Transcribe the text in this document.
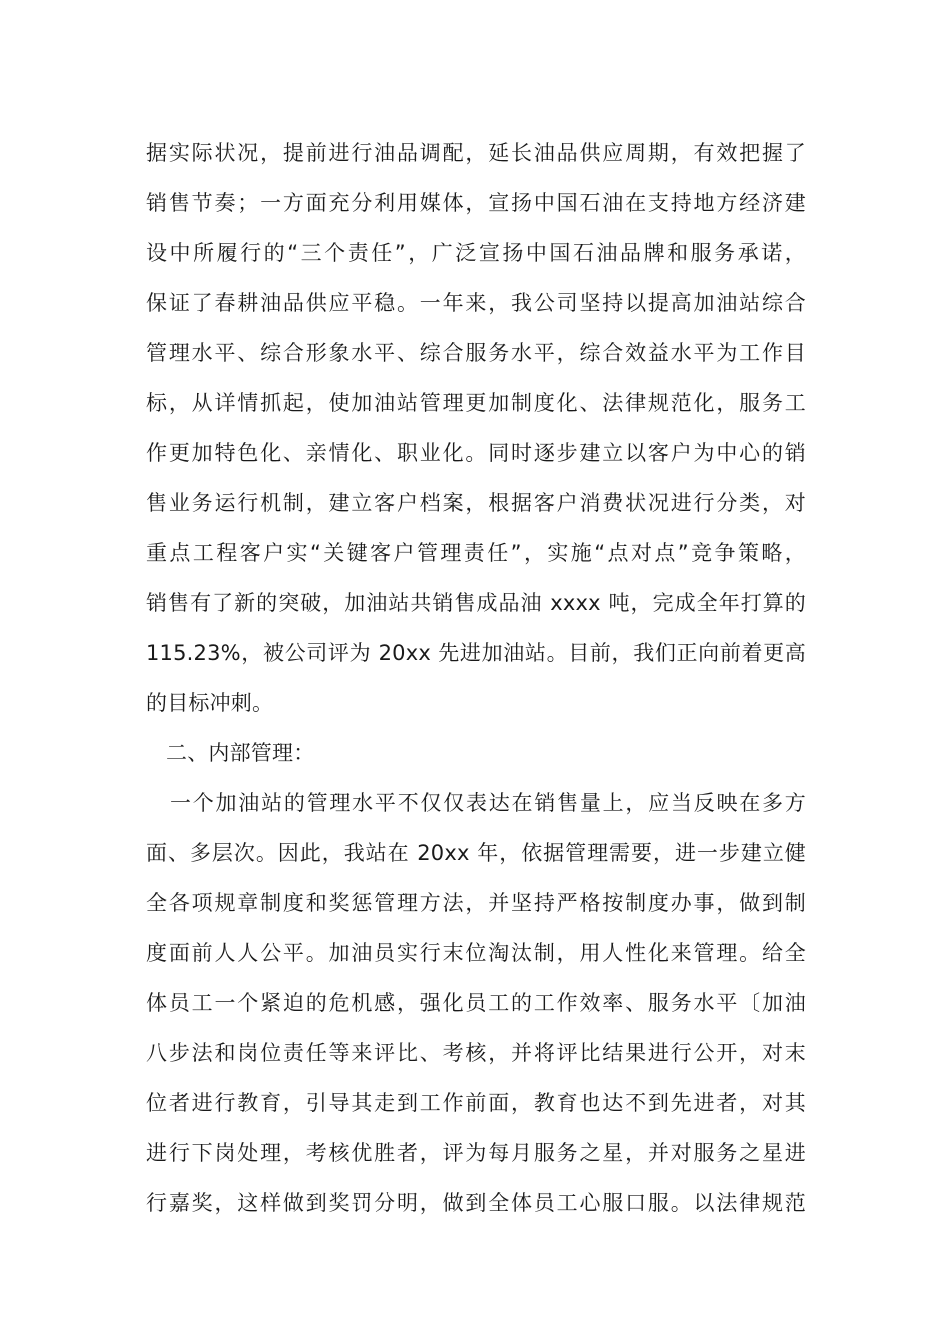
据实际状况，提前进行油品调配，延长油品供应周期，有效把握了
销售节奏；一方面充分利用媒体，宣扬中国石油在支持地方经济建
设中所履行的“三个责任”，广泛宣扬中国石油品牌和服务承诺，
保证了春耕油品供应平稳。一年来，我公司坚持以提高加油站综合
管理水平、综合形象水平、综合服务水平，综合效益水平为工作目
标，从详情抓起，使加油站管理更加制度化、法律规范化，服务工
作更加特色化、亲情化、职业化。同时逐步建立以客户为中心的销
售业务运行机制，建立客户档案，根据客户消费状况进行分类，对
重点工程客户实“关键客户管理责任”，实施“点对点”竞争策略，
销售有了新的突破，加油站共销售成品油 xxxx 吨，完成全年打算的
115.23%，被公司评为 20xx 先进加油站。目前，我们正向前着更高
的目标冲刺。
二、内部管理：
一个加油站的管理水平不仅仅表达在销售量上，应当反映在多方
面、多层次。因此，我站在 20xx 年，依据管理需要，进一步建立健
全各项规章制度和奖惩管理方法，并坚持严格按制度办事，做到制
度面前人人公平。加油员实行末位淘汰制，用人性化来管理。给全
体员工一个紧迫的危机感，强化员工的工作效率、服务水平〔加油
八步法和岗位责任等来评比、考核，并将评比结果进行公开，对末
位者进行教育，引导其走到工作前面，教育也达不到先进者，对其
进行下岗处理，考核优胜者，评为每月服务之星，并对服务之星进
行嘉奖，这样做到奖罚分明，做到全体员工心服口服。以法律规范
